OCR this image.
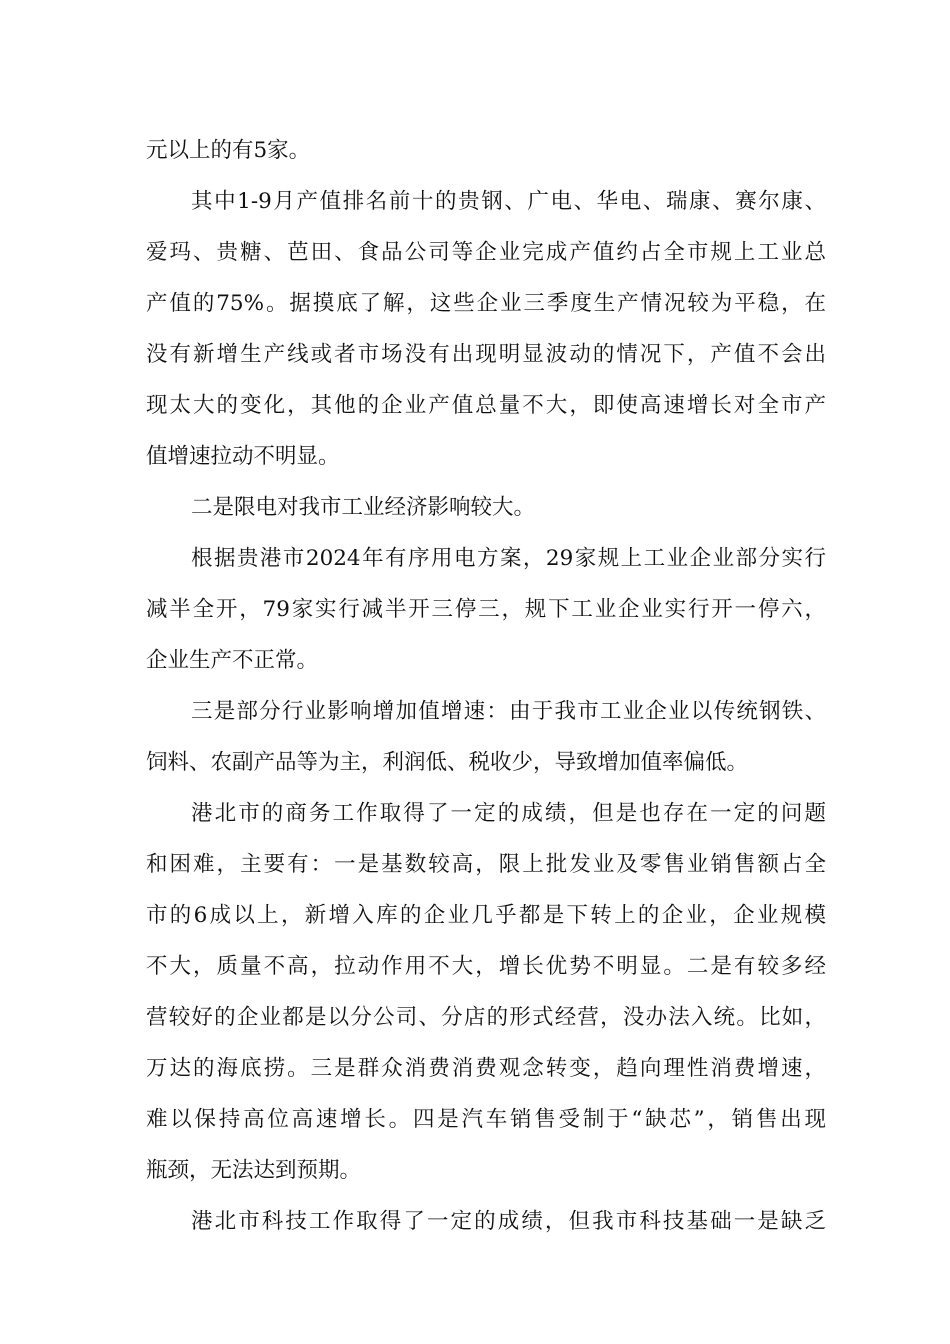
元以上的有5家。
其中1-9月产值排名前十的贵钢、广电、华电、瑞康、赛尔康、
爱玛、贵糖、芭田、食品公司等企业完成产值约占全市规上工业总
产值的75%。据摸底了解，这些企业三季度生产情况较为平稳，在
没有新增生产线或者市场没有出现明显波动的情况下，产值不会出
现太大的变化，其他的企业产值总量不大，即使高速增长对全市产
值增速拉动不明显。
二是限电对我市工业经济影响较大。
根据贵港市2024年有序用电方案，29家规上工业企业部分实行
减半全开，79家实行减半开三停三，规下工业企业实行开一停六，
企业生产不正常。
三是部分行业影响增加值增速：由于我市工业企业以传统钢铁、
饲料、农副产品等为主，利润低、税收少，导致增加值率偏低。
港北市的商务工作取得了一定的成绩，但是也存在一定的问题
和困难，主要有：一是基数较高，限上批发业及零售业销售额占全
市的6成以上，新增入库的企业几乎都是下转上的企业，企业规模
不大，质量不高，拉动作用不大，增长优势不明显。二是有较多经
营较好的企业都是以分公司、分店的形式经营，没办法入统。比如，
万达的海底捞。三是群众消费消费观念转变，趋向理性消费增速，
难以保持高位高速增长。四是汽车销售受制于“缺芯”，销售出现
瓶颈，无法达到预期。
港北市科技工作取得了一定的成绩，但我市科技基础一是缺乏
